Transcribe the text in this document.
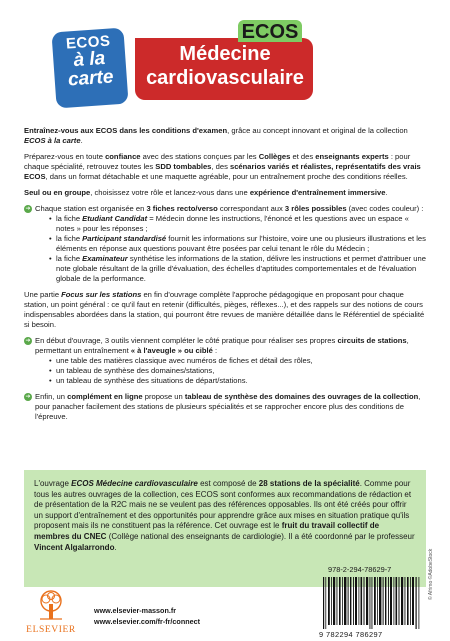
ECOS
à la
carte
ECOS
Médecine
cardiovasculaire

Entraînez-vous aux ECOS dans les conditions d'examen, grâce au concept innovant et original de la collection ECOS à la carte.

Préparez-vous en toute confiance avec des stations conçues par les Collèges et des enseignants experts : pour chaque spécialité, retrouvez toutes les SDD tombables, des scénarios variés et réalistes, représentatifs des vrais ECOS, dans un format détachable et une maquette agréable, pour un entraînement proche des conditions réelles.

Seul ou en groupe, choisissez votre rôle et lancez-vous dans une expérience d'entraînement immersive.

➔ Chaque station est organisée en 3 fiches recto/verso correspondant aux 3 rôles possibles (avec codes couleur) :
• la fiche Etudiant Candidat = Médecin donne les instructions, l'énoncé et les questions avec un espace « notes » pour les réponses ;
• la fiche Participant standardisé fournit les informations sur l'histoire, voire une ou plusieurs illustrations et les éléments en réponse aux questions pouvant être posées par celui tenant le rôle du Médecin ;
• la fiche Examinateur synthétise les informations de la station, délivre les instructions et permet d'attribuer une note globale résultant de la grille d'évaluation, des échelles d'aptitudes comportementales et de l'évaluation globale de la performance.

Une partie Focus sur les stations en fin d'ouvrage complète l'approche pédagogique en proposant pour chaque station, un point général : ce qu'il faut en retenir (difficultés, pièges, réflexes...), et des rappels sur des notions de cours indispensables abordées dans la station, qui pourront être revues de manière détaillée dans le Référentiel de spécialité si besoin.

➔ En début d'ouvrage, 3 outils viennent compléter le côté pratique pour réaliser ses propres circuits de stations, permettant un entraînement « à l'aveugle » ou ciblé :
• une table des matières classique avec numéros de fiches et détail des rôles,
• un tableau de synthèse des domaines/stations,
• un tableau de synthèse des situations de départ/stations.
➔ Enfin, un complément en ligne propose un tableau de synthèse des domaines des ouvrages de la collection, pour panacher facilement des stations de plusieurs spécialités et se rapprocher encore plus des conditions de l'épreuve.
L'ouvrage ECOS Médecine cardiovasculaire est composé de 28 stations de la spécialité. Comme pour tous les autres ouvrages de la collection, ces ECOS sont conformes aux recommandations de rédaction et de présentation de la R2C mais ne se veulent pas des références opposables. Ils ont été créés pour offrir un support d'entraînement et des opportunités pour apprendre grâce aux mises en situation pratique qu'ils proposent mais ils ne constituent pas la référence. Cet ouvrage est le fruit du travail collectif de membres du CNEC (Collège national des enseignants de cardiologie). Il a été coordonné par le professeur Vincent Algalarrondo.
ELSEVIER
www.elsevier-masson.fr
www.elsevier.com/fr-fr/connect
978-2-294-78629-7
9 782294 786297
© Afrimo ©AdobeStock
